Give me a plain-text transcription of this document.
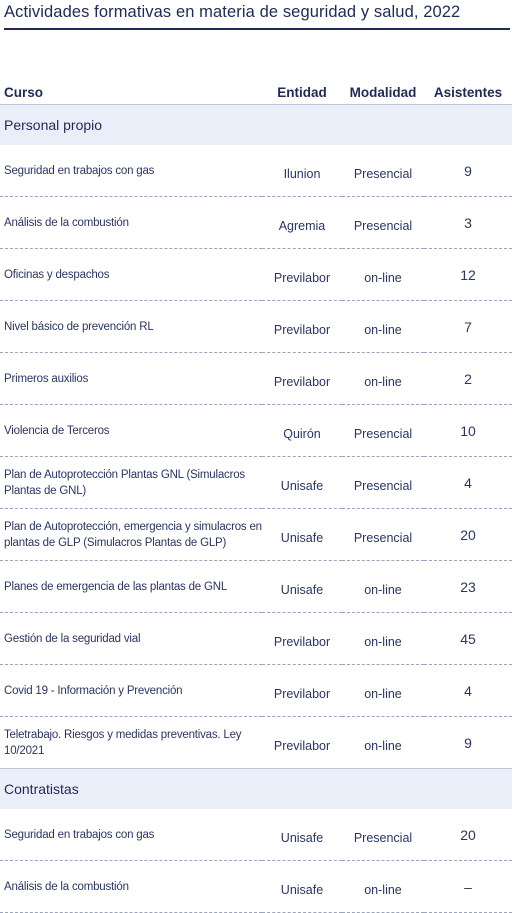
Actividades formativas en materia de seguridad y salud, 2022
Curso	Entidad	Modalidad	Asistentes
Personal propio			
Seguridad en trabajos con gas	Ilunion	Presencial	9
Análisis de la combustión	Agremia	Presencial	3
Oficinas y despachos	Previlabor	on-line	12
Nivel básico de prevención RL	Previlabor	on-line	7
Primeros auxilios	Previlabor	on-line	2
Violencia de Terceros	Quirón	Presencial	10
Plan de Autoprotección Plantas GNL (Simulacros Plantas de GNL)	Unisafe	Presencial	4
Plan de Autoprotección, emergencia y simulacros en plantas de GLP (Simulacros Plantas de GLP)	Unisafe	Presencial	20
Planes de emergencia de las plantas de GNL	Unisafe	on-line	23
Gestión de la seguridad vial	Previlabor	on-line	45
Covid 19 - Información y Prevención	Previlabor	on-line	4
Teletrabajo. Riesgos y medidas preventivas. Ley 10/2021	Previlabor	on-line	9
Contratistas			
Seguridad en trabajos con gas	Unisafe	Presencial	20
Análisis de la combustión	Unisafe	on-line	–
